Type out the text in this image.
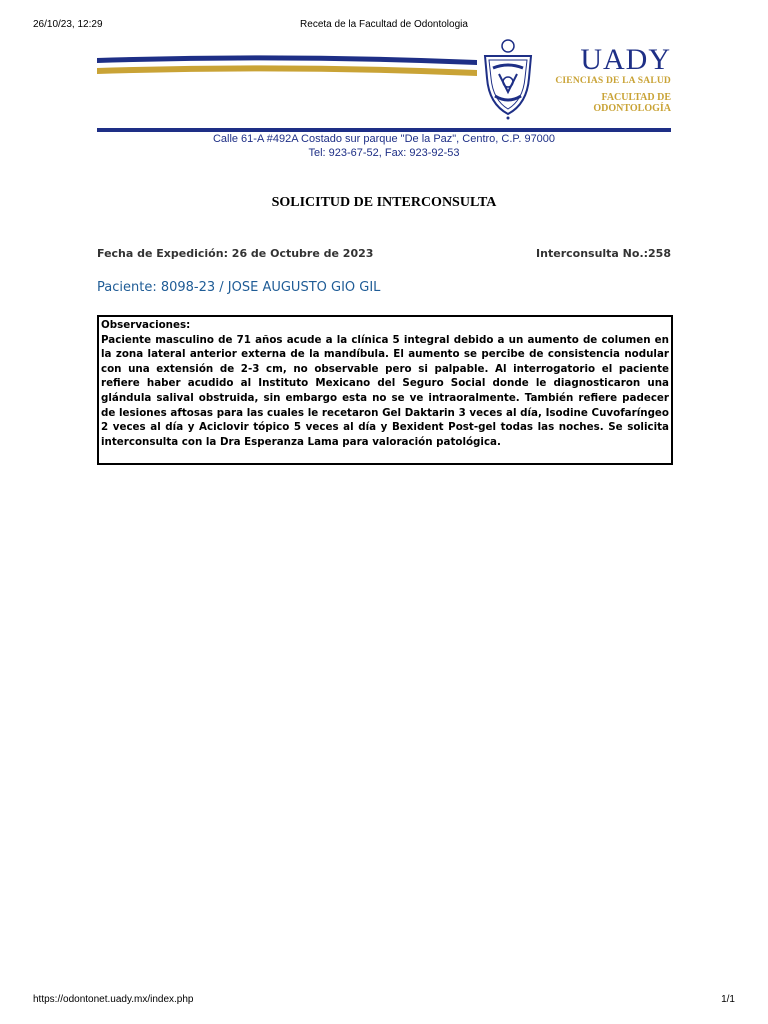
26/10/23, 12:29	Receta de la Facultad de Odontologia
UADY
CIENCIAS DE LA SALUD
FACULTAD DE
ODONTOLOGÍA
Calle 61-A #492A Costado sur parque "De la Paz", Centro, C.P. 97000
Tel: 923-67-52, Fax: 923-92-53
SOLICITUD DE INTERCONSULTA
Fecha de Expedición: 26 de Octubre de 2023	Interconsulta No.:258
Paciente: 8098-23 / JOSE AUGUSTO GIO GIL
Observaciones:
Paciente masculino de 71 años acude a la clínica 5 integral debido a un aumento de columen en la zona lateral anterior externa de la mandíbula. El aumento se percibe de consistencia nodular con una extensión de 2-3 cm, no observable pero si palpable. Al interrogatorio el paciente refiere haber acudido al Instituto Mexicano del Seguro Social donde le diagnosticaron una glándula salival obstruida, sin embargo esta no se ve intraoralmente. También refiere padecer de lesiones aftosas para las cuales le recetaron Gel Daktarin 3 veces al día, Isodine Cuvofaríngeo 2 veces al día y Aciclovir tópico 5 veces al día y Bexident Post-gel todas las noches. Se solicita interconsulta con la Dra Esperanza Lama para valoración patológica.
https://odontonet.uady.mx/index.php	1/1
